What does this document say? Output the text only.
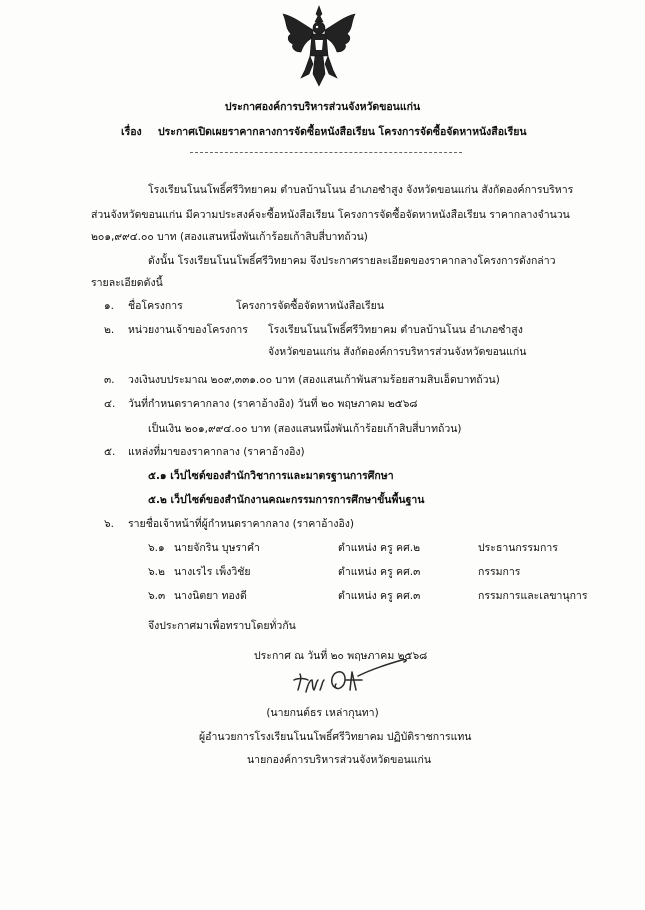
ประกาศองค์การบริหารส่วนจังหวัดขอนแก่น
เรื่อง ประกาศเปิดเผยราคากลางการจัดซื้อหนังสือเรียน โครงการจัดซื้อจัดหาหนังสือเรียน
โรงเรียนโนนโพธิ์ศรีวิทยาคม ตำบลบ้านโนน อำเภอซำสูง จังหวัดขอนแก่น สังกัดองค์การบริหาร
ส่วนจังหวัดขอนแก่น มีความประสงค์จะซื้อหนังสือเรียน โครงการจัดซื้อจัดหาหนังสือเรียน ราคากลางจำนวน
๒๐๑,๙๙๔.๐๐ บาท (สองแสนหนึ่งพันเก้าร้อยเก้าสิบสี่บาทถ้วน)
ดังนั้น โรงเรียนโนนโพธิ์ศรีวิทยาคม จึงประกาศรายละเอียดของราคากลางโครงการดังกล่าว
รายละเอียดดังนี้
๑. ชื่อโครงการ	โครงการจัดซื้อจัดหาหนังสือเรียน
๒. หน่วยงานเจ้าของโครงการ โรงเรียนโนนโพธิ์ศรีวิทยาคม ตำบลบ้านโนน อำเภอซำสูง
จังหวัดขอนแก่น สังกัดองค์การบริหารส่วนจังหวัดขอนแก่น
๓. วงเงินงบประมาณ ๒๐๙,๓๓๑.๐๐ บาท (สองแสนเก้าพันสามร้อยสามสิบเอ็ดบาทถ้วน)
๔. วันที่กำหนดราคากลาง (ราคาอ้างอิง) วันที่ ๒๐ พฤษภาคม ๒๕๖๘
เป็นเงิน ๒๐๑,๙๙๔.๐๐ บาท (สองแสนหนึ่งพันเก้าร้อยเก้าสิบสี่บาทถ้วน)
๕. แหล่งที่มาของราคากลาง (ราคาอ้างอิง)
๕.๑ เว็ปไซต์ของสำนักวิชาการและมาตรฐานการศึกษา
๕.๒ เว็ปไซต์ของสำนักงานคณะกรรมการการศึกษาขั้นพื้นฐาน
๖. รายชื่อเจ้าหน้าที่ผู้กำหนดราคากลาง (ราคาอ้างอิง)
๖.๑ นายจักริน บุษราคำ	ตำแหน่ง ครู คศ.๒	ประธานกรรมการ
๖.๒ นางเรไร เพ็งวิชัย	ตำแหน่ง ครู คศ.๓	กรรมการ
๖.๓ นางนิตยา ทองดี	ตำแหน่ง ครู คศ.๓	กรรมการและเลขานุการ
จึงประกาศมาเพื่อทราบโดยทั่วกัน
ประกาศ ณ วันที่ ๒๐ พฤษภาคม ๒๕๖๘
(นายกนต์ธร เหล่ากุนทา)
ผู้อำนวยการโรงเรียนโนนโพธิ์ศรีวิทยาคม ปฏิบัติราชการแทน
นายกองค์การบริหารส่วนจังหวัดขอนแก่น
